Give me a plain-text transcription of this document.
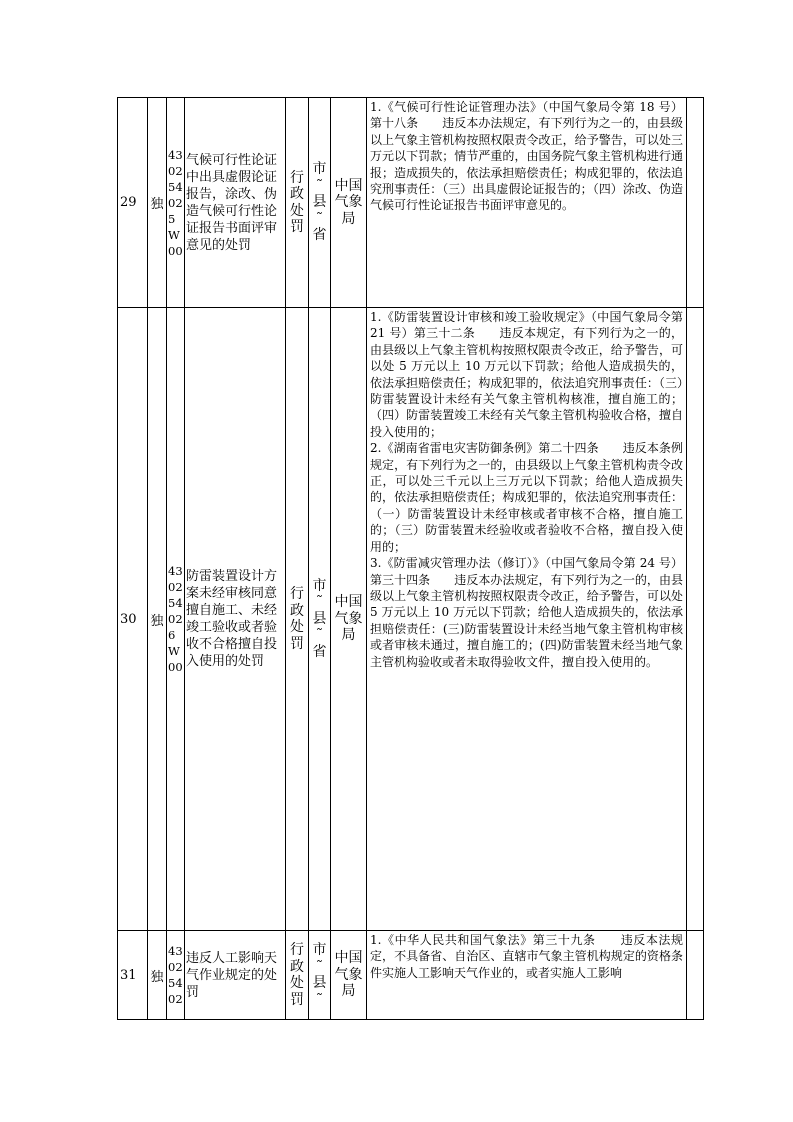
29	独	43025402 5W00	气候可行性论证中出具虚假论证报告，涂改、伪造气候可行性论证报告书面评审意见的处罚	行政处罚	市˜县˜省	中国气象局	1.《气候可行性论证管理办法》（中国气象局令第 18 号）第十八条　　违反本办法规定，有下列行为之一的，由县级以上气象主管机构按照权限责令改正，给予警告，可以处三万元以下罚款；情节严重的，由国务院气象主管机构进行通报；造成损失的，依法承担赔偿责任；构成犯罪的，依法追究刑事责任：（三）出具虚假论证报告的；（四）涂改、伪造气候可行性论证报告书面评审意见的。	

30	独	43025402 6W00	防雷装置设计方案未经审核同意擅自施工、未经竣工验收或者验收不合格擅自投入使用的处罚	行政处罚	市˜县˜省	中国气象局	1.《防雷装置设计审核和竣工验收规定》（中国气象局令第 21 号）第三十二条　　违反本规定，有下列行为之一的，由县级以上气象主管机构按照权限责令改正，给予警告，可以处 5 万元以上 10 万元以下罚款；给他人造成损失的，依法承担赔偿责任；构成犯罪的，依法追究刑事责任：（三）防雷装置设计未经有关气象主管机构核准，擅自施工的；（四）防雷装置竣工未经有关气象主管机构验收合格，擅自投入使用的；

2.《湖南省雷电灾害防御条例》第二十四条　　违反本条例规定，有下列行为之一的，由县级以上气象主管机构责令改正，可以处三千元以上三万元以下罚款；给他人造成损失的，依法承担赔偿责任；构成犯罪的，依法追究刑事责任：（一）防雷装置设计未经审核或者审核不合格，擅自施工的；（三）防雷装置未经验收或者验收不合格，擅自投入使用的；

3.《防雷减灾管理办法（修订）》（中国气象局令第 24 号）第三十四条　　违反本办法规定，有下列行为之一的，由县级以上气象主管机构按照权限责令改正，给予警告，可以处 5 万元以上 10 万元以下罚款；给他人造成损失的，依法承担赔偿责任：(三)防雷装置设计未经当地气象主管机构审核或者审核未通过，擅自施工的；(四)防雷装置未经当地气象主管机构验收或者未取得验收文件，擅自投入使用的。	

31	独	43025402	违反人工影响天气作业规定的处罚	行政处罚	市˜县˜	中国气象局	1.《中华人民共和国气象法》第三十九条　　违反本法规定，不具备省、自治区、直辖市气象主管机构规定的资格条件实施人工影响天气作业的，或者实施人工影响	
